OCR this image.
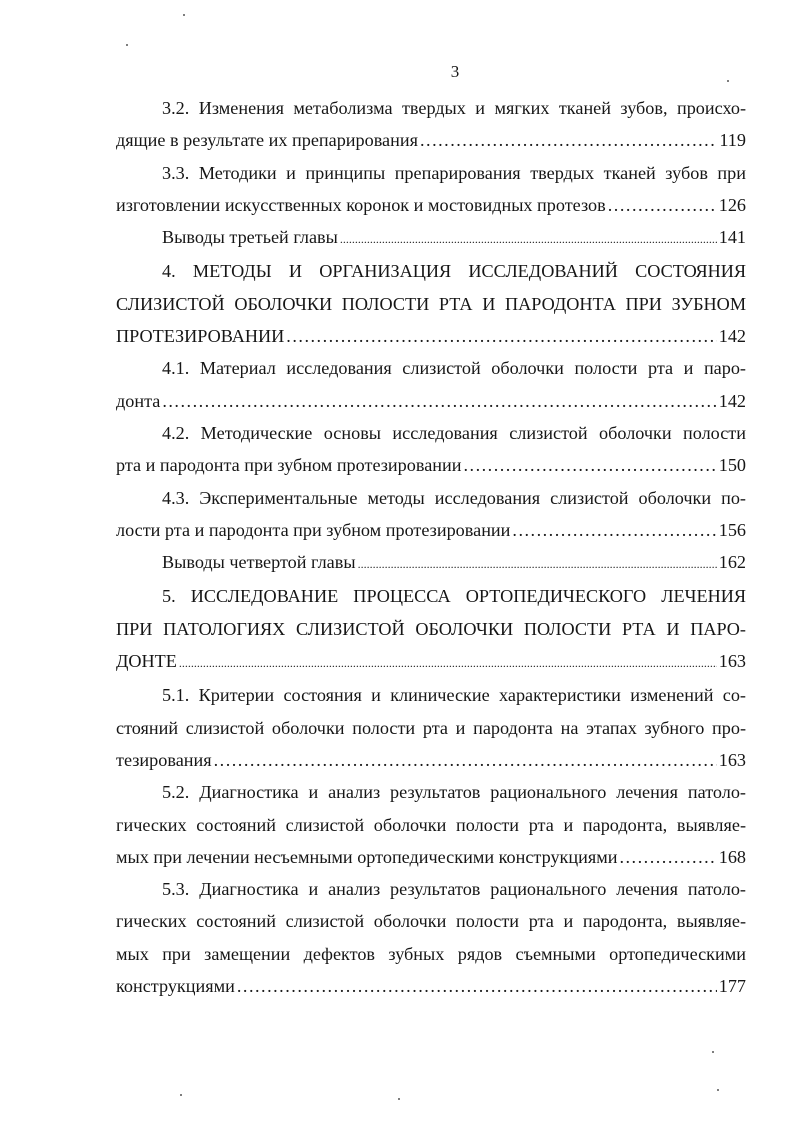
3
3.2. Изменения метаболизма твердых и мягких тканей зубов, происхо-
дящие в результате их препарирования .....	119
3.3. Методики и принципы препарирования твердых тканей зубов при
изготовлении искусственных коронок и мостовидных протезов .....	126
Выводы третьей главы .....	141
4. МЕТОДЫ И ОРГАНИЗАЦИЯ ИССЛЕДОВАНИЙ СОСТОЯНИЯ
СЛИЗИСТОЙ ОБОЛОЧКИ ПОЛОСТИ РТА И ПАРОДОНТА ПРИ ЗУБНОМ
ПРОТЕЗИРОВАНИИ .....	142
4.1. Материал исследования слизистой оболочки полости рта и паро-
донта .....	142
4.2. Методические основы исследования слизистой оболочки полости
рта и пародонта при зубном протезировании .....	150
4.3. Экспериментальные методы исследования слизистой оболочки по-
лости рта и пародонта при зубном протезировании .....	156
Выводы четвертой главы .....	162
5. ИССЛЕДОВАНИЕ ПРОЦЕССА ОРТОПЕДИЧЕСКОГО ЛЕЧЕНИЯ
ПРИ ПАТОЛОГИЯХ СЛИЗИСТОЙ ОБОЛОЧКИ ПОЛОСТИ РТА И ПАРО-
ДОНТЕ .....	163
5.1. Критерии состояния и клинические характеристики изменений со-
стояний слизистой оболочки полости рта и пародонта на этапах зубного про-
тезирования .....	163
5.2. Диагностика и анализ результатов рационального лечения патоло-
гических состояний слизистой оболочки полости рта и пародонта, выявляе-
мых при лечении несъемными ортопедическими конструкциями .....	168
5.3. Диагностика и анализ результатов рационального лечения патоло-
гических состояний слизистой оболочки полости рта и пародонта, выявляе-
мых при замещении дефектов зубных рядов съемными ортопедическими
конструкциями .....	177
